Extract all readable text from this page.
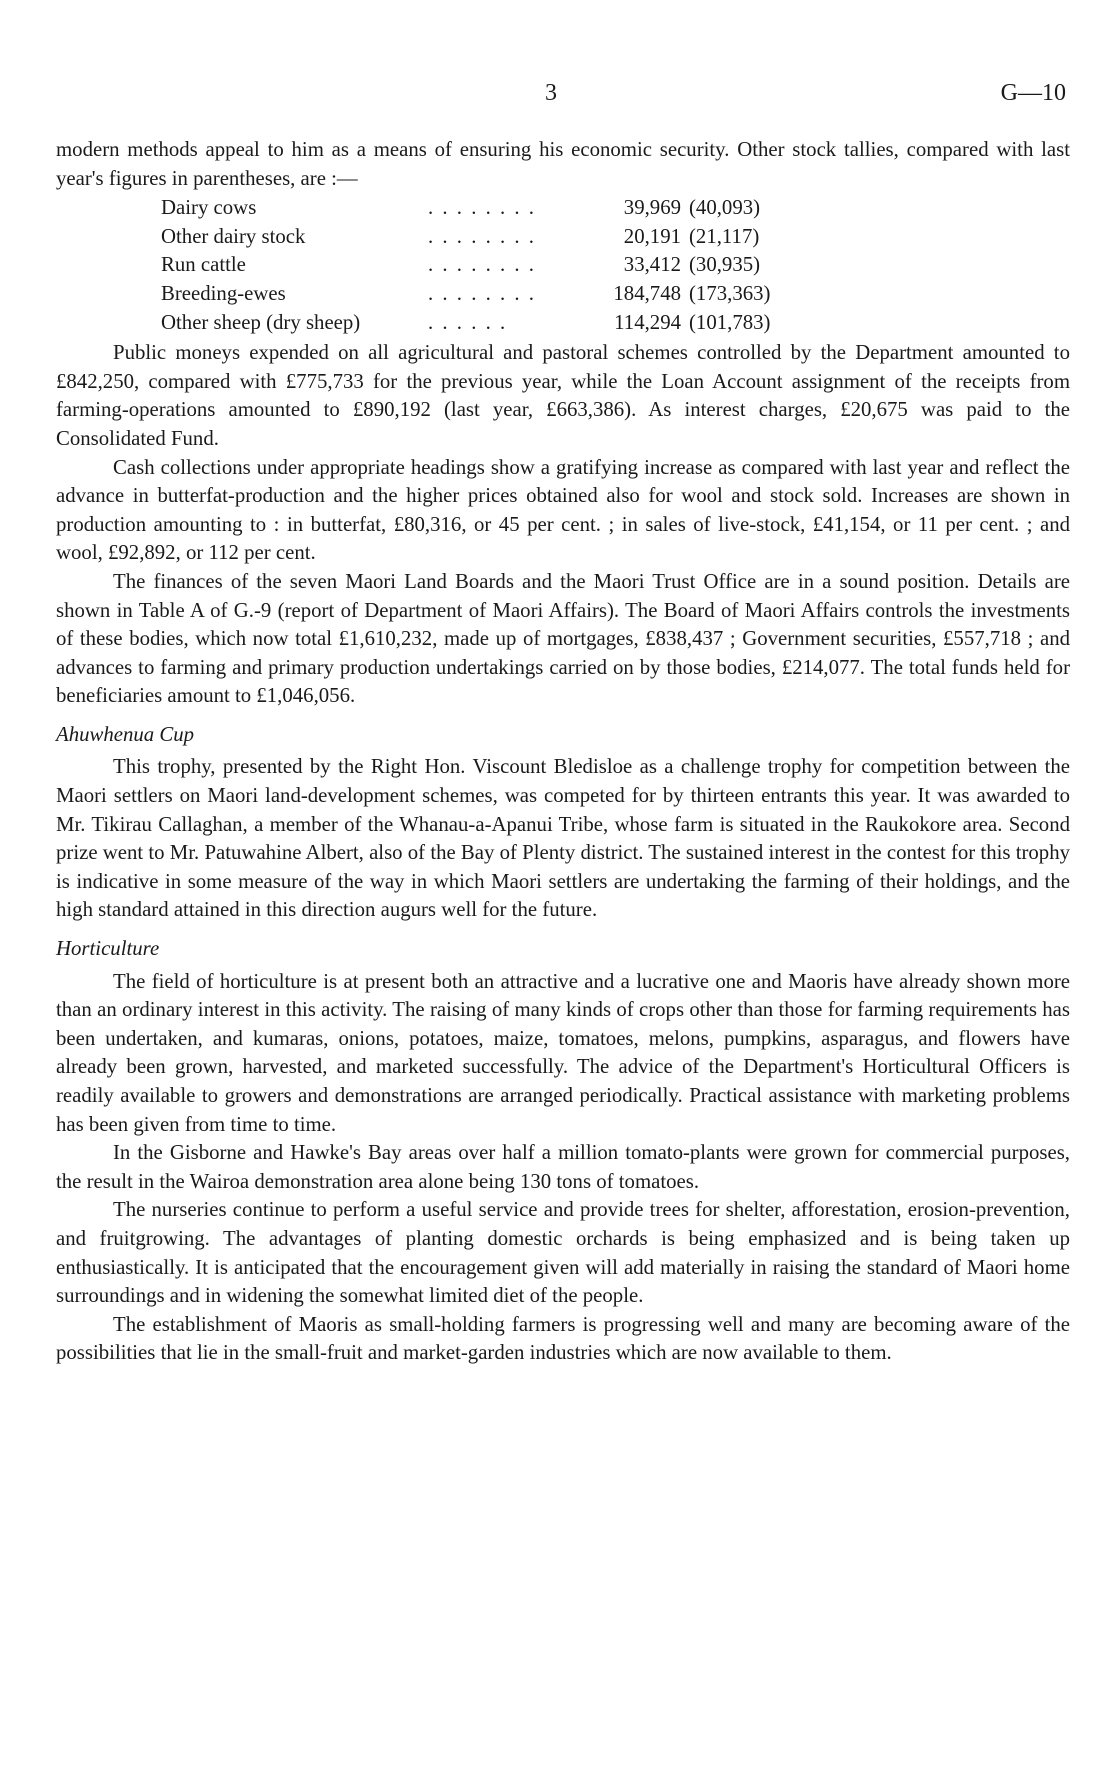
3	G—10

modern methods appeal to him as a means of ensuring his economic security. Other stock tallies, compared with last year's figures in parentheses, are :—

Dairy cows	. . . . . . . .	39,969	(40,093)
Other dairy stock	. . . . . . . .	20,191	(21,117)
Run cattle	. . . . . . . .	33,412	(30,935)
Breeding-ewes	. . . . . . . .	184,748	(173,363)
Other sheep (dry sheep)	. . . . . .	114,294	(101,783)

Public moneys expended on all agricultural and pastoral schemes controlled by the Department amounted to £842,250, compared with £775,733 for the previous year, while the Loan Account assignment of the receipts from farming-operations amounted to £890,192 (last year, £663,386). As interest charges, £20,675 was paid to the Consolidated Fund.

Cash collections under appropriate headings show a gratifying increase as compared with last year and reflect the advance in butterfat-production and the higher prices obtained also for wool and stock sold. Increases are shown in production amounting to : in butterfat, £80,316, or 45 per cent. ; in sales of live-stock, £41,154, or 11 per cent. ; and wool, £92,892, or 112 per cent.

The finances of the seven Maori Land Boards and the Maori Trust Office are in a sound position. Details are shown in Table A of G.-9 (report of Department of Maori Affairs). The Board of Maori Affairs controls the investments of these bodies, which now total £1,610,232, made up of mortgages, £838,437 ; Government securities, £557,718 ; and advances to farming and primary production undertakings carried on by those bodies, £214,077. The total funds held for beneficiaries amount to £1,046,056.

Ahuwhenua Cup

This trophy, presented by the Right Hon. Viscount Bledisloe as a challenge trophy for competition between the Maori settlers on Maori land-development schemes, was competed for by thirteen entrants this year. It was awarded to Mr. Tikirau Callaghan, a member of the Whanau-a-Apanui Tribe, whose farm is situated in the Raukokore area. Second prize went to Mr. Patuwahine Albert, also of the Bay of Plenty district. The sustained interest in the contest for this trophy is indicative in some measure of the way in which Maori settlers are undertaking the farming of their holdings, and the high standard attained in this direction augurs well for the future.

Horticulture

The field of horticulture is at present both an attractive and a lucrative one and Maoris have already shown more than an ordinary interest in this activity. The raising of many kinds of crops other than those for farming requirements has been undertaken, and kumaras, onions, potatoes, maize, tomatoes, melons, pumpkins, asparagus, and flowers have already been grown, harvested, and marketed successfully. The advice of the Department's Horticultural Officers is readily available to growers and demonstrations are arranged periodically. Practical assistance with marketing problems has been given from time to time.

In the Gisborne and Hawke's Bay areas over half a million tomato-plants were grown for commercial purposes, the result in the Wairoa demonstration area alone being 130 tons of tomatoes.

The nurseries continue to perform a useful service and provide trees for shelter, afforestation, erosion-prevention, and fruitgrowing. The advantages of planting domestic orchards is being emphasized and is being taken up enthusiastically. It is anticipated that the encouragement given will add materially in raising the standard of Maori home surroundings and in widening the somewhat limited diet of the people.

The establishment of Maoris as small-holding farmers is progressing well and many are becoming aware of the possibilities that lie in the small-fruit and market-garden industries which are now available to them.
